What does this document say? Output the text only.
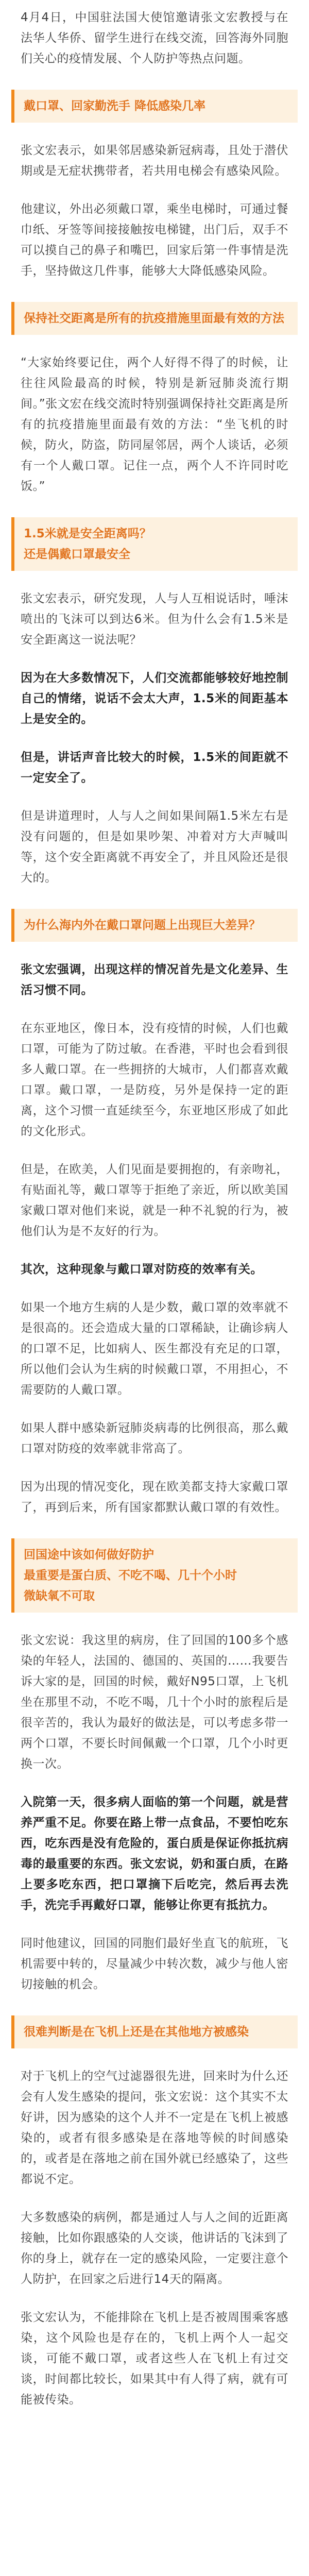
4月4日，中国驻法国大使馆邀请张文宏教授与在法华人华侨、留学生进行在线交流，回答海外同胞们关心的疫情发展、个人防护等热点问题。

戴口罩、回家勤洗手 降低感染几率

张文宏表示，如果邻居感染新冠病毒，且处于潜伏期或是无症状携带者，若共用电梯会有感染风险。

他建议，外出必须戴口罩，乘坐电梯时，可通过餐巾纸、牙签等间接接触按电梯键，出门后，双手不可以摸自己的鼻子和嘴巴，回家后第一件事情是洗手，坚持做这几件事，能够大大降低感染风险。

保持社交距离是所有的抗疫措施里面最有效的方法

“大家始终要记住，两个人好得不得了的时候，让往往风险最高的时候，特别是新冠肺炎流行期间。”张文宏在线交流时特别强调保持社交距离是所有的抗疫措施里面最有效的方法：“坐飞机的时候，防火，防盗，防同屋邻居，两个人谈话，必须有一个人戴口罩。记住一点，两个人不许同时吃饭。”

1.5米就是安全距离吗？
还是偶戴口罩最安全

张文宏表示，研究发现，人与人互相说话时，唾沫喷出的飞沫可以到达6米。但为什么会有1.5米是安全距离这一说法呢？

因为在大多数情况下，人们交流都能够较好地控制自己的情绪，说话不会太大声，1.5米的间距基本上是安全的。

但是，讲话声音比较大的时候，1.5米的间距就不一定安全了。

但是讲道理时，人与人之间如果间隔1.5米左右是没有问题的，但是如果吵架、冲着对方大声喊叫等，这个安全距离就不再安全了，并且风险还是很大的。

为什么海内外在戴口罩问题上出现巨大差异？

张文宏强调，出现这样的情况首先是文化差异、生活习惯不同。

在东亚地区，像日本，没有疫情的时候，人们也戴口罩，可能为了防过敏。在香港，平时也会看到很多人戴口罩。在一些拥挤的大城市，人们都喜欢戴口罩。戴口罩，一是防疫，另外是保持一定的距离，这个习惯一直延续至今，东亚地区形成了如此的文化形式。

但是，在欧美，人们见面是要拥抱的，有亲吻礼，有贴面礼等，戴口罩等于拒绝了亲近，所以欧美国家戴口罩对他们来说，就是一种不礼貌的行为，被他们认为是不友好的行为。

其次，这种现象与戴口罩对防疫的效率有关。

如果一个地方生病的人是少数，戴口罩的效率就不是很高的。还会造成大量的口罩稀缺，让确诊病人的口罩不足，比如病人、医生都没有充足的口罩，所以他们会认为生病的时候戴口罩，不用担心，不需要防的人戴口罩。

如果人群中感染新冠肺炎病毒的比例很高，那么戴口罩对防疫的效率就非常高了。

因为出现的情况变化，现在欧美都支持大家戴口罩了，再到后来，所有国家都默认戴口罩的有效性。

回国途中该如何做好防护
最重要是蛋白质、不吃不喝、几十个小时
微缺氧不可取

张文宏说：我这里的病房，住了回国的100多个感染的年轻人，法国的、德国的、英国的……我要告诉大家的是，回国的时候，戴好N95口罩，上飞机坐在那里不动，不吃不喝，几十个小时的旅程后是很辛苦的，我认为最好的做法是，可以考虑多带一两个口罩，不要长时间佩戴一个口罩，几个小时更换一次。

入院第一天，很多病人面临的第一个问题，就是营养严重不足。你要在路上带一点食品，不要怕吃东西，吃东西是没有危险的，蛋白质是保证你抵抗病毒的最重要的东西。张文宏说，奶和蛋白质，在路上要多吃东西，把口罩摘下后吃完，然后再去洗手，洗完手再戴好口罩，能够让你更有抵抗力。

同时他建议，回国的同胞们最好坐直飞的航班，飞机需要中转的，尽量减少中转次数，减少与他人密切接触的机会。

很难判断是在飞机上还是在其他地方被感染

对于飞机上的空气过滤器很先进，回来时为什么还会有人发生感染的提问，张文宏说：这个其实不太好讲，因为感染的这个人并不一定是在飞机上被感染的，或者有很多感染是在落地等候的时间感染的，或者是在落地之前在国外就已经感染了，这些都说不定。

大多数感染的病例，都是通过人与人之间的近距离接触，比如你跟感染的人交谈，他讲话的飞沫到了你的身上，就存在一定的感染风险，一定要注意个人防护，在回家之后进行14天的隔离。

张文宏认为，不能排除在飞机上是否被周围乘客感染，这个风险也是存在的，飞机上两个人一起交谈，可能不戴口罩，或者这些人在飞机上有过交谈，时间都比较长，如果其中有人得了病，就有可能被传染。
